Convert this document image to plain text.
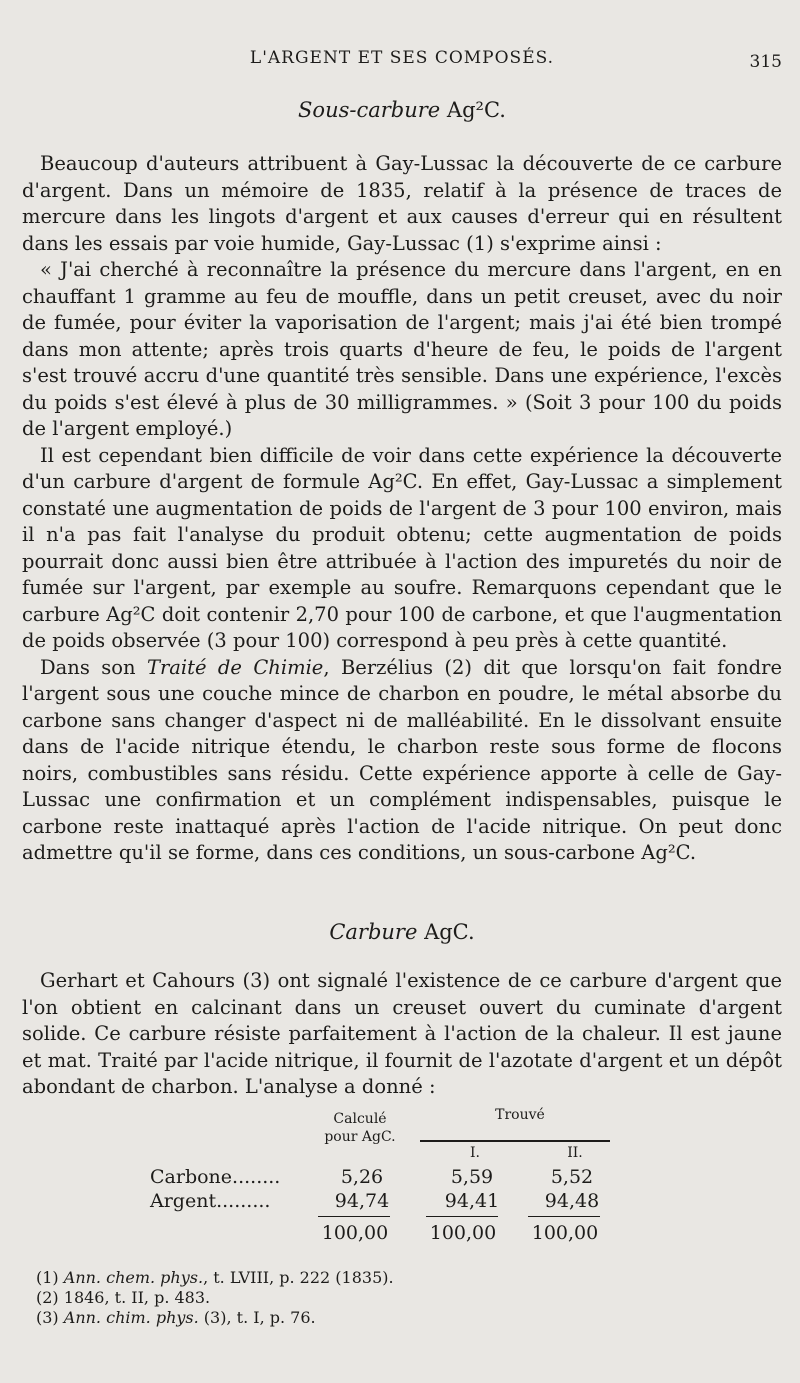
L'ARGENT ET SES COMPOSÉS.	315
Sous-carbure Ag²C.

Beaucoup d'auteurs attribuent à Gay-Lussac la découverte de ce carbure d'argent. Dans un mémoire de 1835, relatif à la présence de traces de mercure dans les lingots d'argent et aux causes d'erreur qui en résultent dans les essais par voie humide, Gay-Lussac (1) s'exprime ainsi :

« J'ai cherché à reconnaître la présence du mercure dans l'argent, en en chauffant 1 gramme au feu de mouffle, dans un petit creuset, avec du noir de fumée, pour éviter la vaporisation de l'argent; mais j'ai été bien trompé dans mon attente; après trois quarts d'heure de feu, le poids de l'argent s'est trouvé accru d'une quantité très sensible. Dans une expérience, l'excès du poids s'est élevé à plus de 30 milligrammes. » (Soit 3 pour 100 du poids de l'argent employé.)

Il est cependant bien difficile de voir dans cette expérience la découverte d'un carbure d'argent de formule Ag²C. En effet, Gay-Lussac a simplement constaté une augmentation de poids de l'argent de 3 pour 100 environ, mais il n'a pas fait l'analyse du produit obtenu; cette augmentation de poids pourrait donc aussi bien être attribuée à l'action des impuretés du noir de fumée sur l'argent, par exemple au soufre. Remarquons cependant que le carbure Ag²C doit contenir 2,70 pour 100 de carbone, et que l'augmentation de poids observée (3 pour 100) correspond à peu près à cette quantité.

Dans son Traité de Chimie, Berzélius (2) dit que lorsqu'on fait fondre l'argent sous une couche mince de charbon en poudre, le métal absorbe du carbone sans changer d'aspect ni de malléabilité. En le dissolvant ensuite dans de l'acide nitrique étendu, le charbon reste sous forme de flocons noirs, combustibles sans résidu. Cette expérience apporte à celle de Gay-Lussac une confirmation et un complément indispensables, puisque le carbone reste inattaqué après l'action de l'acide nitrique. On peut donc admettre qu'il se forme, dans ces conditions, un sous-carbone Ag²C.

Carbure AgC.

Gerhart et Cahours (3) ont signalé l'existence de ce carbure d'argent que l'on obtient en calcinant dans un creuset ouvert du cuminate d'argent solide. Ce carbure résiste parfaitement à l'action de la chaleur. Il est jaune et mat. Traité par l'acide nitrique, il fournit de l'azotate d'argent et un dépôt abondant de charbon. L'analyse a donné :

Calculé
pour AgC.
Trouvé
I.	II.
Carbone........	5,26	5,59	5,52
Argent.........	94,74	94,41	94,48
100,00	100,00	100,00
(1) Ann. chem. phys., t. LVIII, p. 222 (1835).
(2) 1846, t. II, p. 483.
(3) Ann. chim. phys. (3), t. I, p. 76.
